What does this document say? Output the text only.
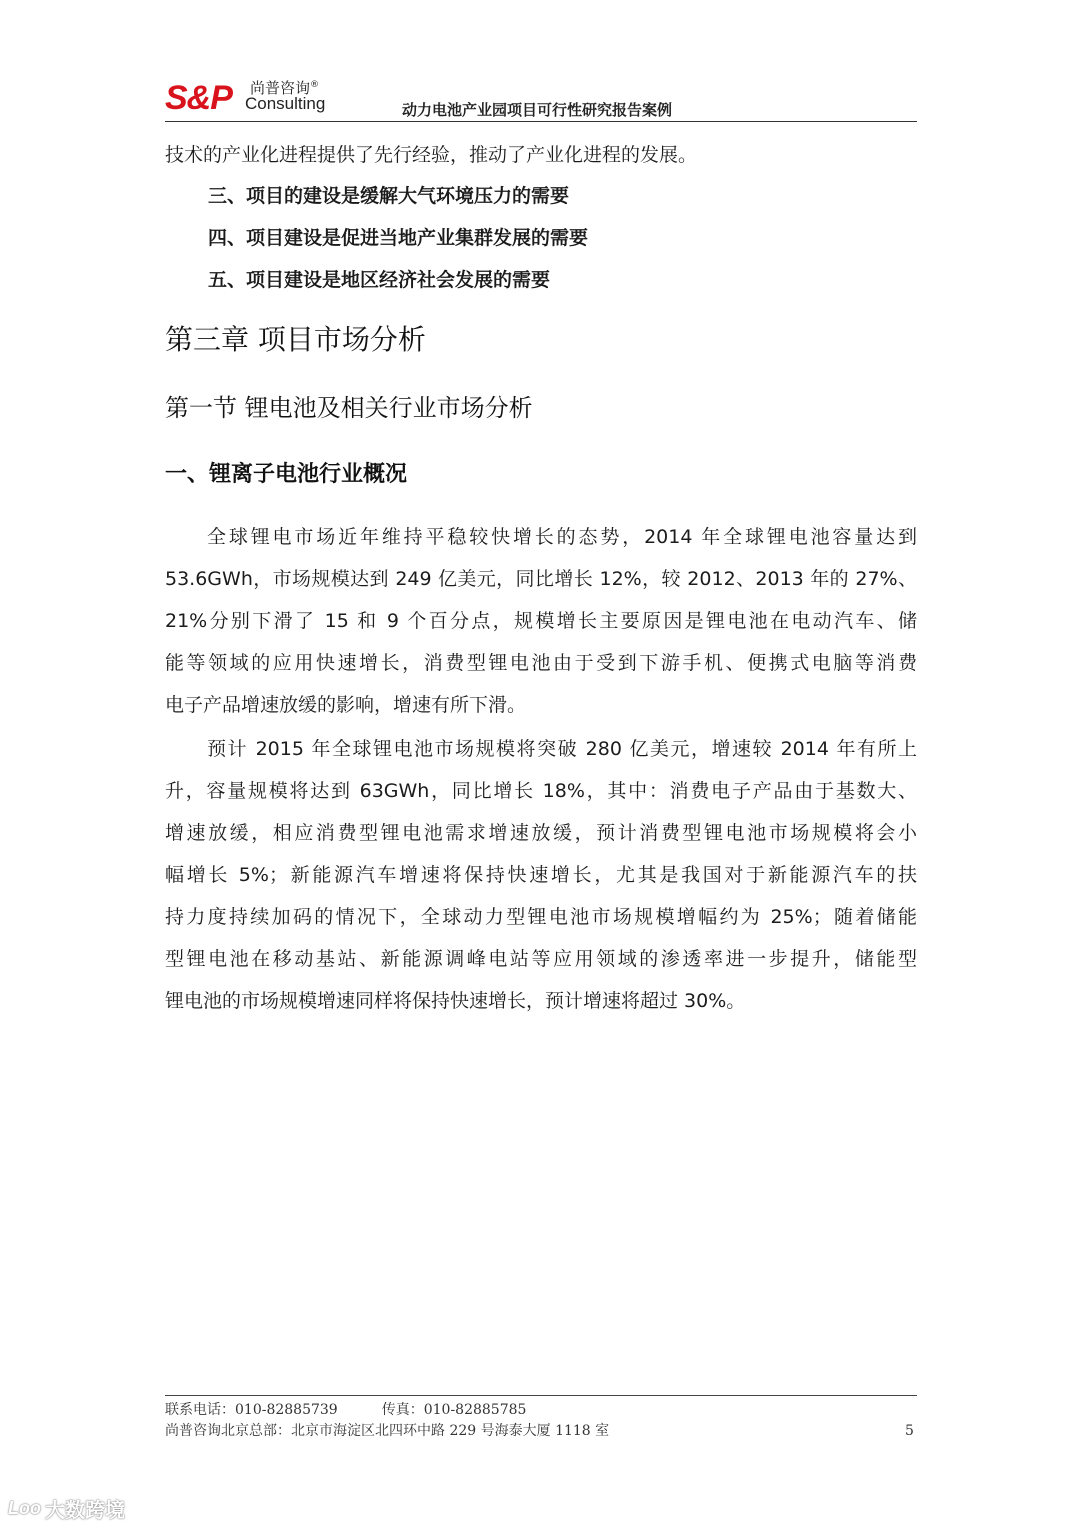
S&P 尚普咨询®
Consulting	动力电池产业园项目可行性研究报告案例

技术的产业化进程提供了先行经验，推动了产业化进程的发展。

三、项目的建设是缓解大气环境压力的需要
四、项目建设是促进当地产业集群发展的需要
五、项目建设是地区经济社会发展的需要
第三章 项目市场分析
第一节 锂电池及相关行业市场分析
一、锂离子电池行业概况

全球锂电市场近年维持平稳较快增长的态势，2014 年全球锂电池容量达到
53.6GWh，市场规模达到 249 亿美元，同比增长 12%，较 2012、2013 年的 27%、
21%分别下滑了 15 和 9 个百分点，规模增长主要原因是锂电池在电动汽车、储
能等领域的应用快速增长，消费型锂电池由于受到下游手机、便携式电脑等消费
电子产品增速放缓的影响，增速有所下滑。

预计 2015 年全球锂电池市场规模将突破 280 亿美元，增速较 2014 年有所上
升，容量规模将达到 63GWh，同比增长 18%，其中：消费电子产品由于基数大、
增速放缓，相应消费型锂电池需求增速放缓，预计消费型锂电池市场规模将会小
幅增长 5%；新能源汽车增速将保持快速增长，尤其是我国对于新能源汽车的扶
持力度持续加码的情况下，全球动力型锂电池市场规模增幅约为 25%；随着储能
型锂电池在移动基站、新能源调峰电站等应用领域的渗透率进一步提升，储能型
锂电池的市场规模增速同样将保持快速增长，预计增速将超过 30%。

联系电话：010-82885739	传真：010-82885785
尚普咨询北京总部：北京市海淀区北四环中路 229 号海泰大厦 1118 室	5
Loo 大数跨境
